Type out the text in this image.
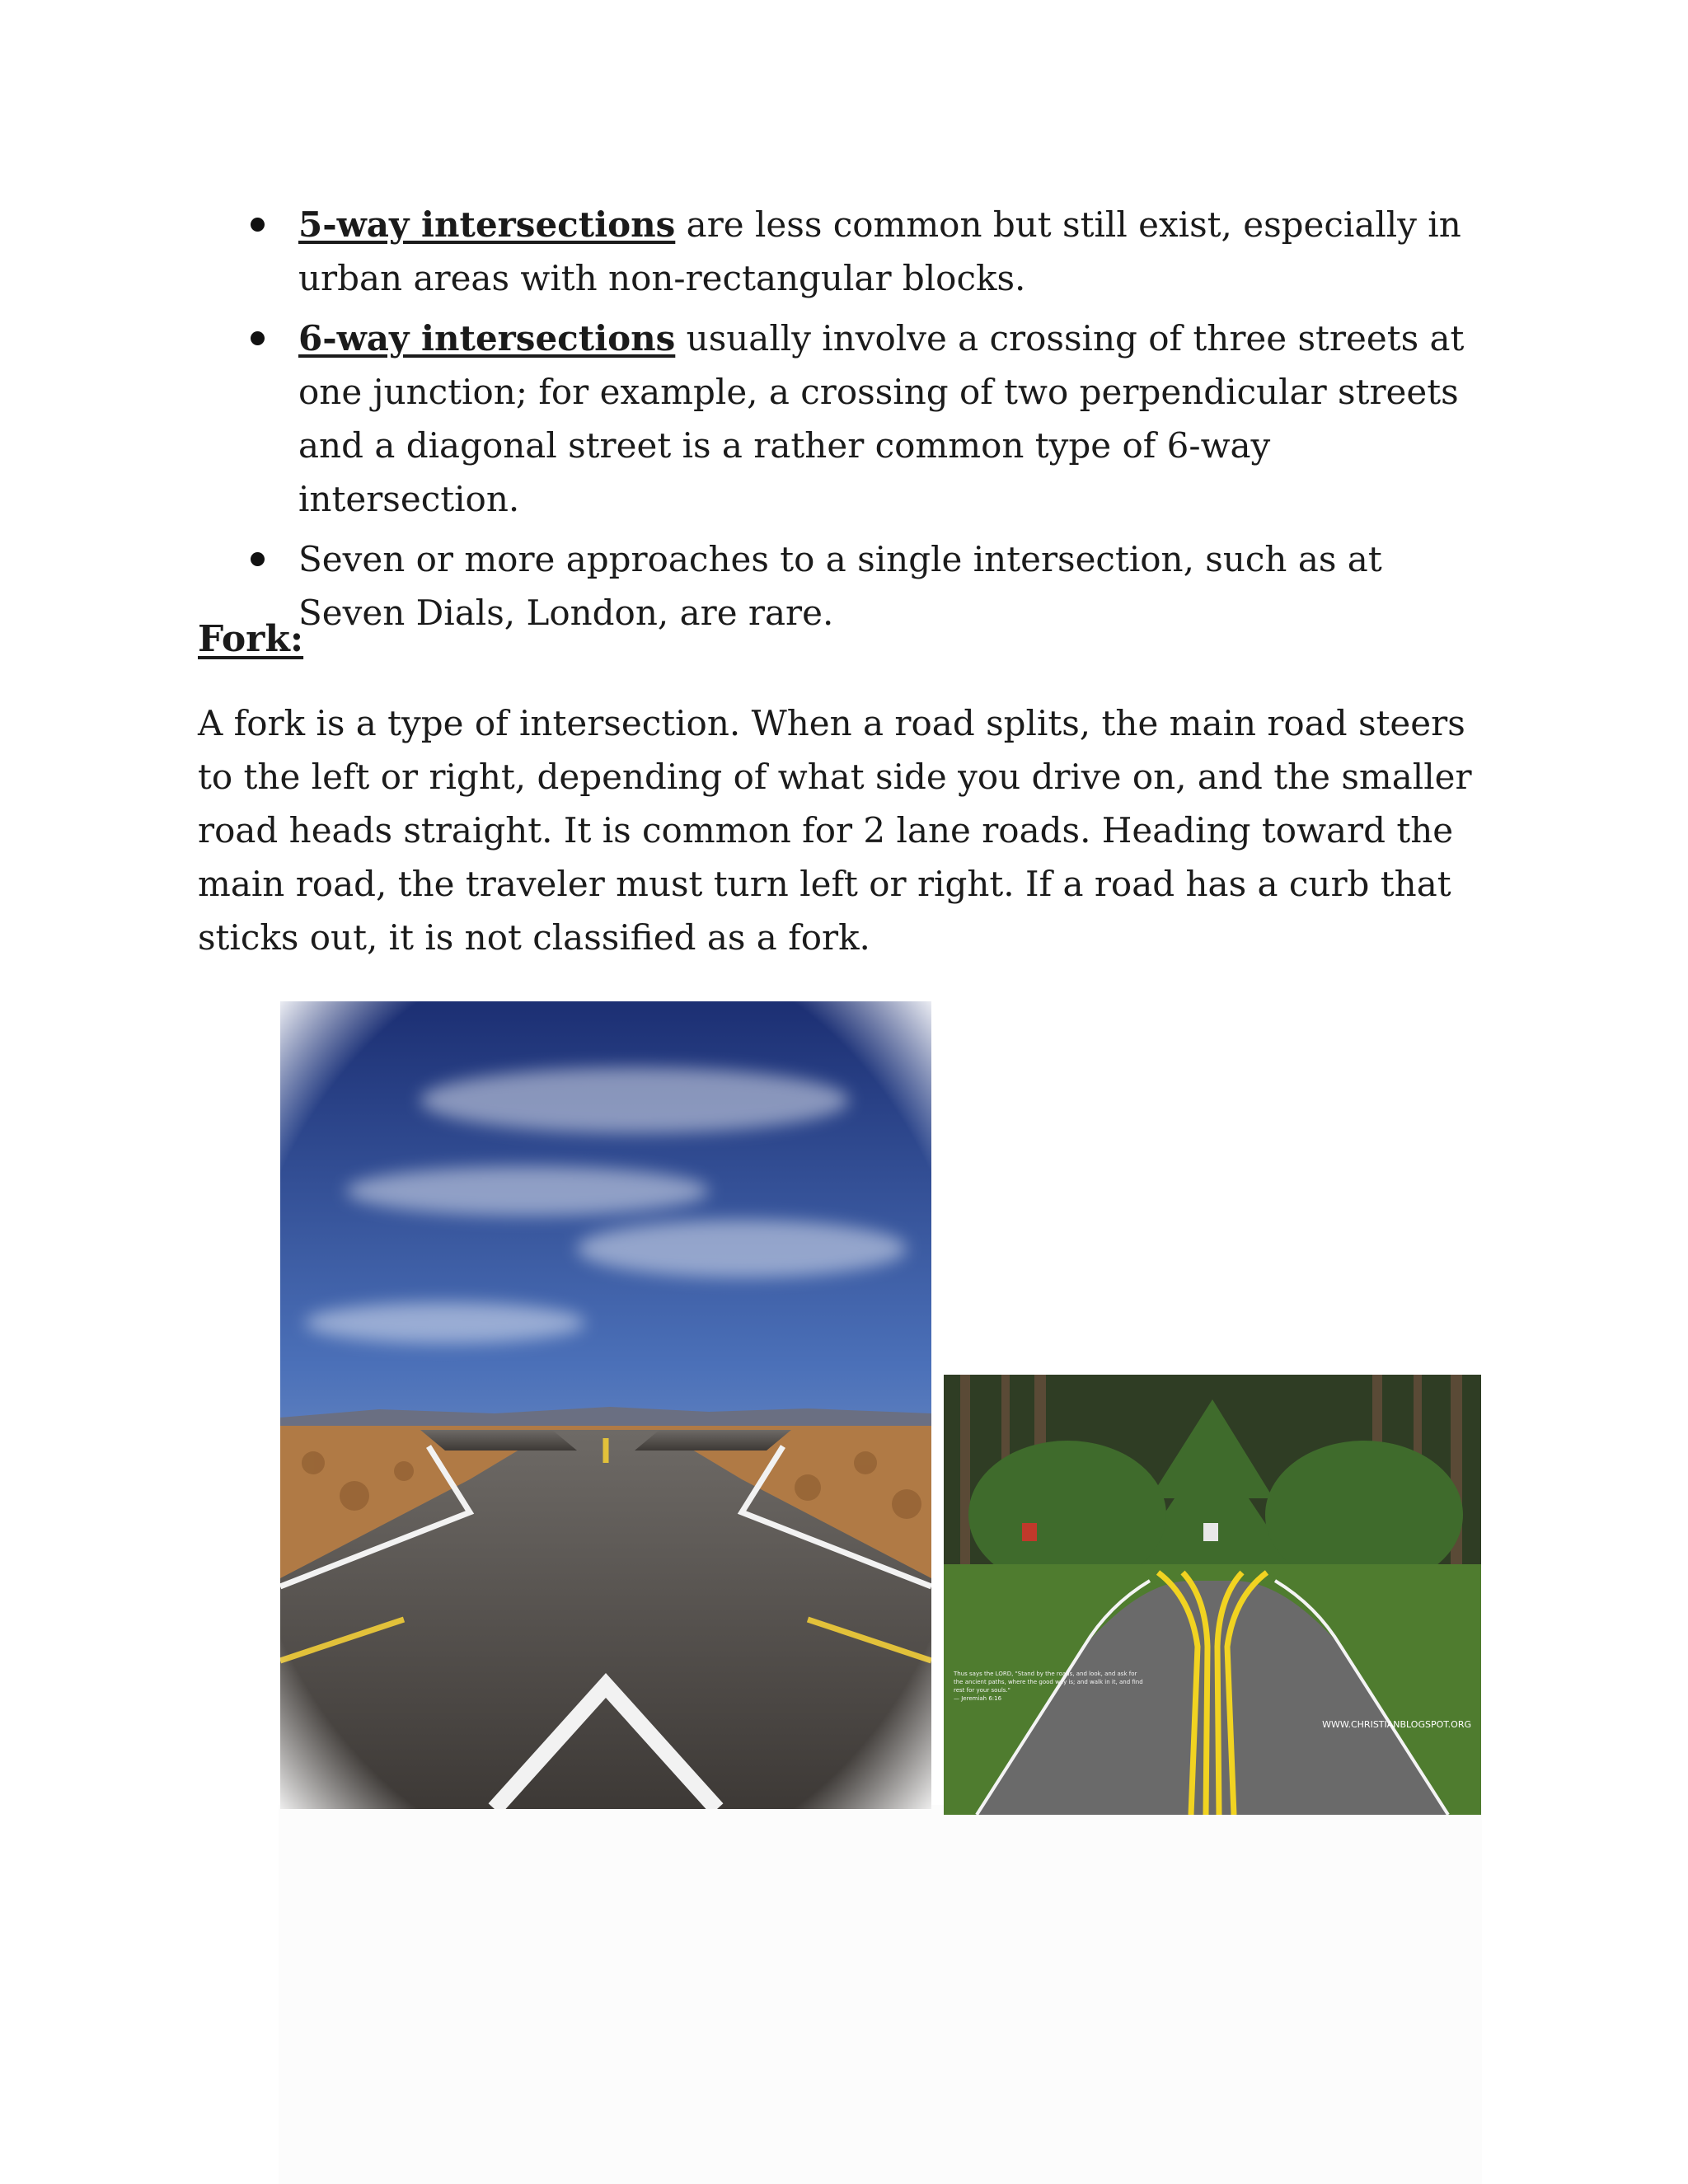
5-way intersections are less common but still exist, especially in urban areas with non-rectangular blocks.
6-way intersections usually involve a crossing of three streets at one junction; for example, a crossing of two perpendicular streets and a diagonal street is a rather common type of 6-way intersection.
Seven or more approaches to a single intersection, such as at Seven Dials, London, are rare.
Fork:

A fork is a type of intersection. When a road splits, the main road steers to the left or right, depending of what side you drive on, and the smaller road heads straight. It is common for 2 lane roads. Heading toward the main road, the traveler must turn left or right. If a road has a curb that sticks out, it is not classified as a fork.

Thus says the LORD, "Stand by the roads, and look, and ask for the ancient paths, where the good way is; and walk in it, and find rest for your souls."
— Jeremiah 6:16
WWW.CHRISTIANBLOGSPOT.ORG
